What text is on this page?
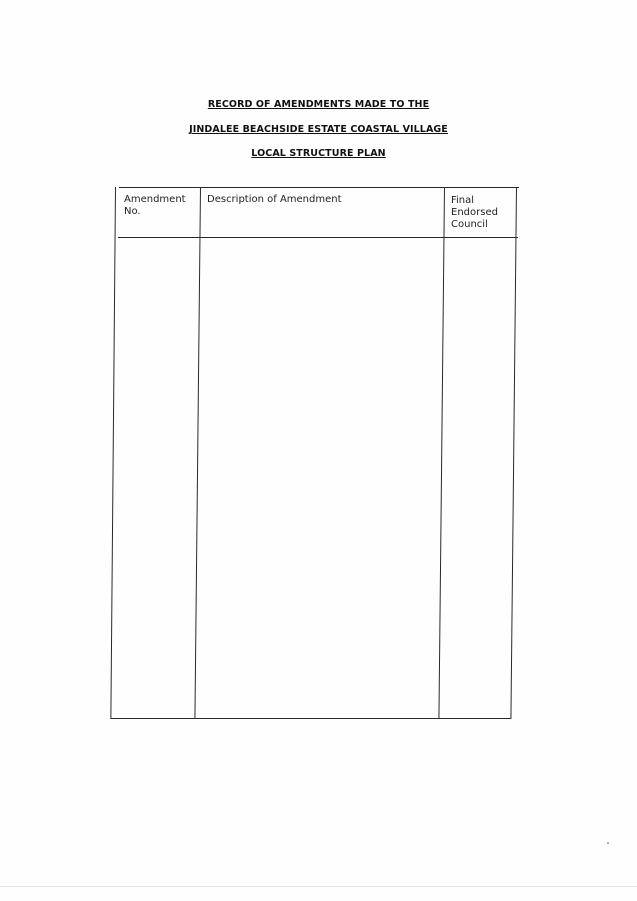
RECORD OF AMENDMENTS MADE TO THE
JINDALEE BEACHSIDE ESTATE COASTAL VILLAGE
LOCAL STRUCTURE PLAN
Amendment
No.
Description of Amendment	Final
Endorsed
Council
